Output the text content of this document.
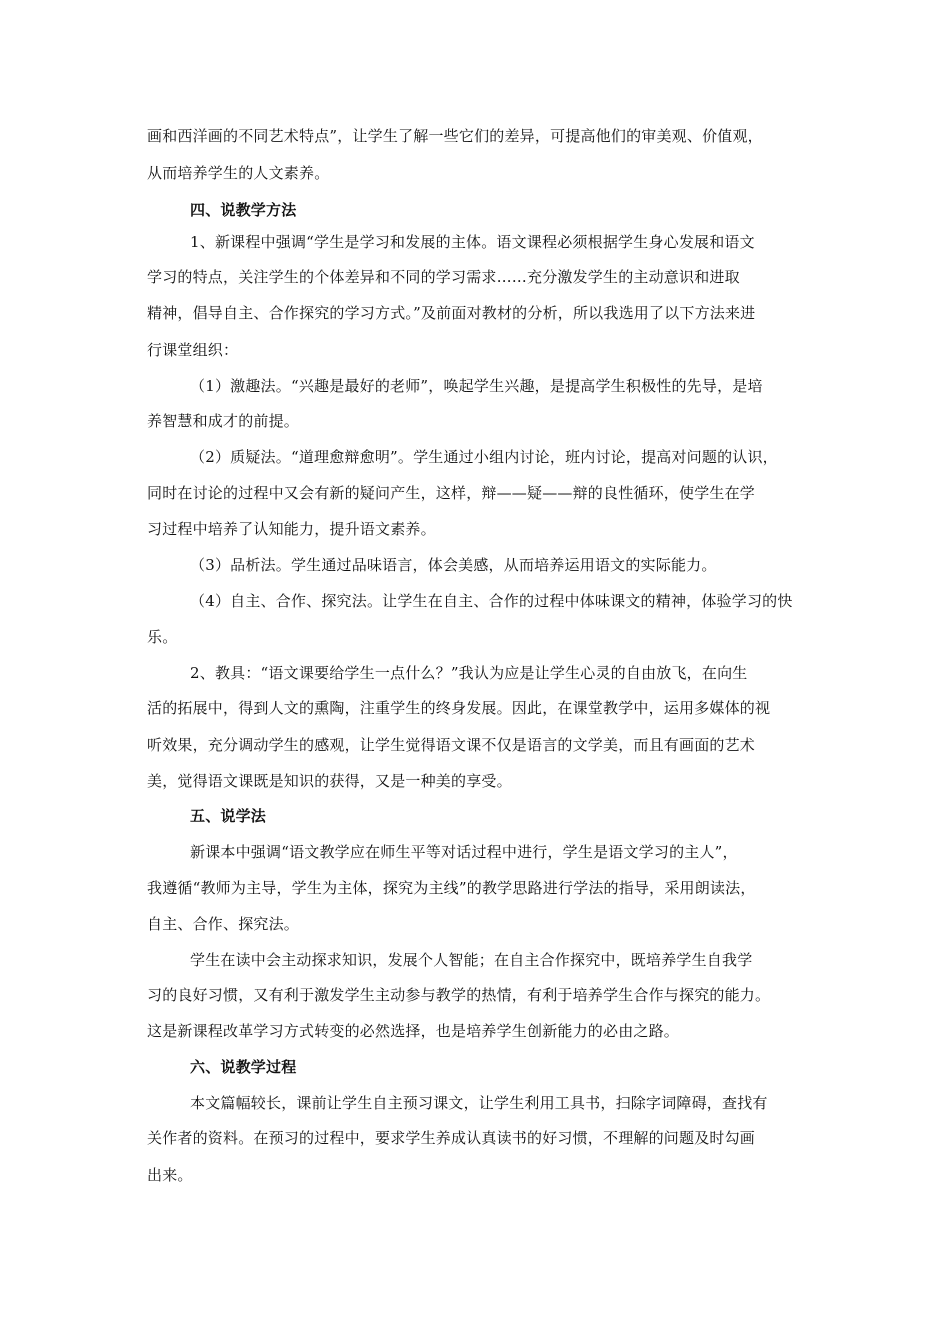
画和西洋画的不同艺术特点”，让学生了解一些它们的差异，可提高他们的审美观、价值观，
从而培养学生的人文素养。
四、说教学方法
1、新课程中强调“学生是学习和发展的主体。语文课程必须根据学生身心发展和语文
学习的特点，关注学生的个体差异和不同的学习需求……充分激发学生的主动意识和进取
精神，倡导自主、合作探究的学习方式。”及前面对教材的分析，所以我选用了以下方法来进
行课堂组织：
（1）激趣法。“兴趣是最好的老师”，唤起学生兴趣，是提高学生积极性的先导，是培
养智慧和成才的前提。
（2）质疑法。“道理愈辩愈明”。学生通过小组内讨论，班内讨论，提高对问题的认识，
同时在讨论的过程中又会有新的疑问产生，这样，辩——疑——辩的良性循环，使学生在学
习过程中培养了认知能力，提升语文素养。
（3）品析法。学生通过品味语言，体会美感，从而培养运用语文的实际能力。
（4）自主、合作、探究法。让学生在自主、合作的过程中体味课文的精神，体验学习的快
乐。
2、教具：“语文课要给学生一点什么？”我认为应是让学生心灵的自由放飞，在向生
活的拓展中，得到人文的熏陶，注重学生的终身发展。因此，在课堂教学中，运用多媒体的视
听效果，充分调动学生的感观，让学生觉得语文课不仅是语言的文学美，而且有画面的艺术
美，觉得语文课既是知识的获得，又是一种美的享受。
五、说学法
新课本中强调“语文教学应在师生平等对话过程中进行，学生是语文学习的主人”，
我遵循“教师为主导，学生为主体，探究为主线”的教学思路进行学法的指导，采用朗读法，
自主、合作、探究法。
学生在读中会主动探求知识，发展个人智能；在自主合作探究中，既培养学生自我学
习的良好习惯，又有利于激发学生主动参与教学的热情，有利于培养学生合作与探究的能力。
这是新课程改革学习方式转变的必然选择，也是培养学生创新能力的必由之路。
六、说教学过程
本文篇幅较长，课前让学生自主预习课文，让学生利用工具书，扫除字词障碍，查找有
关作者的资料。在预习的过程中，要求学生养成认真读书的好习惯，不理解的问题及时勾画
出来。
